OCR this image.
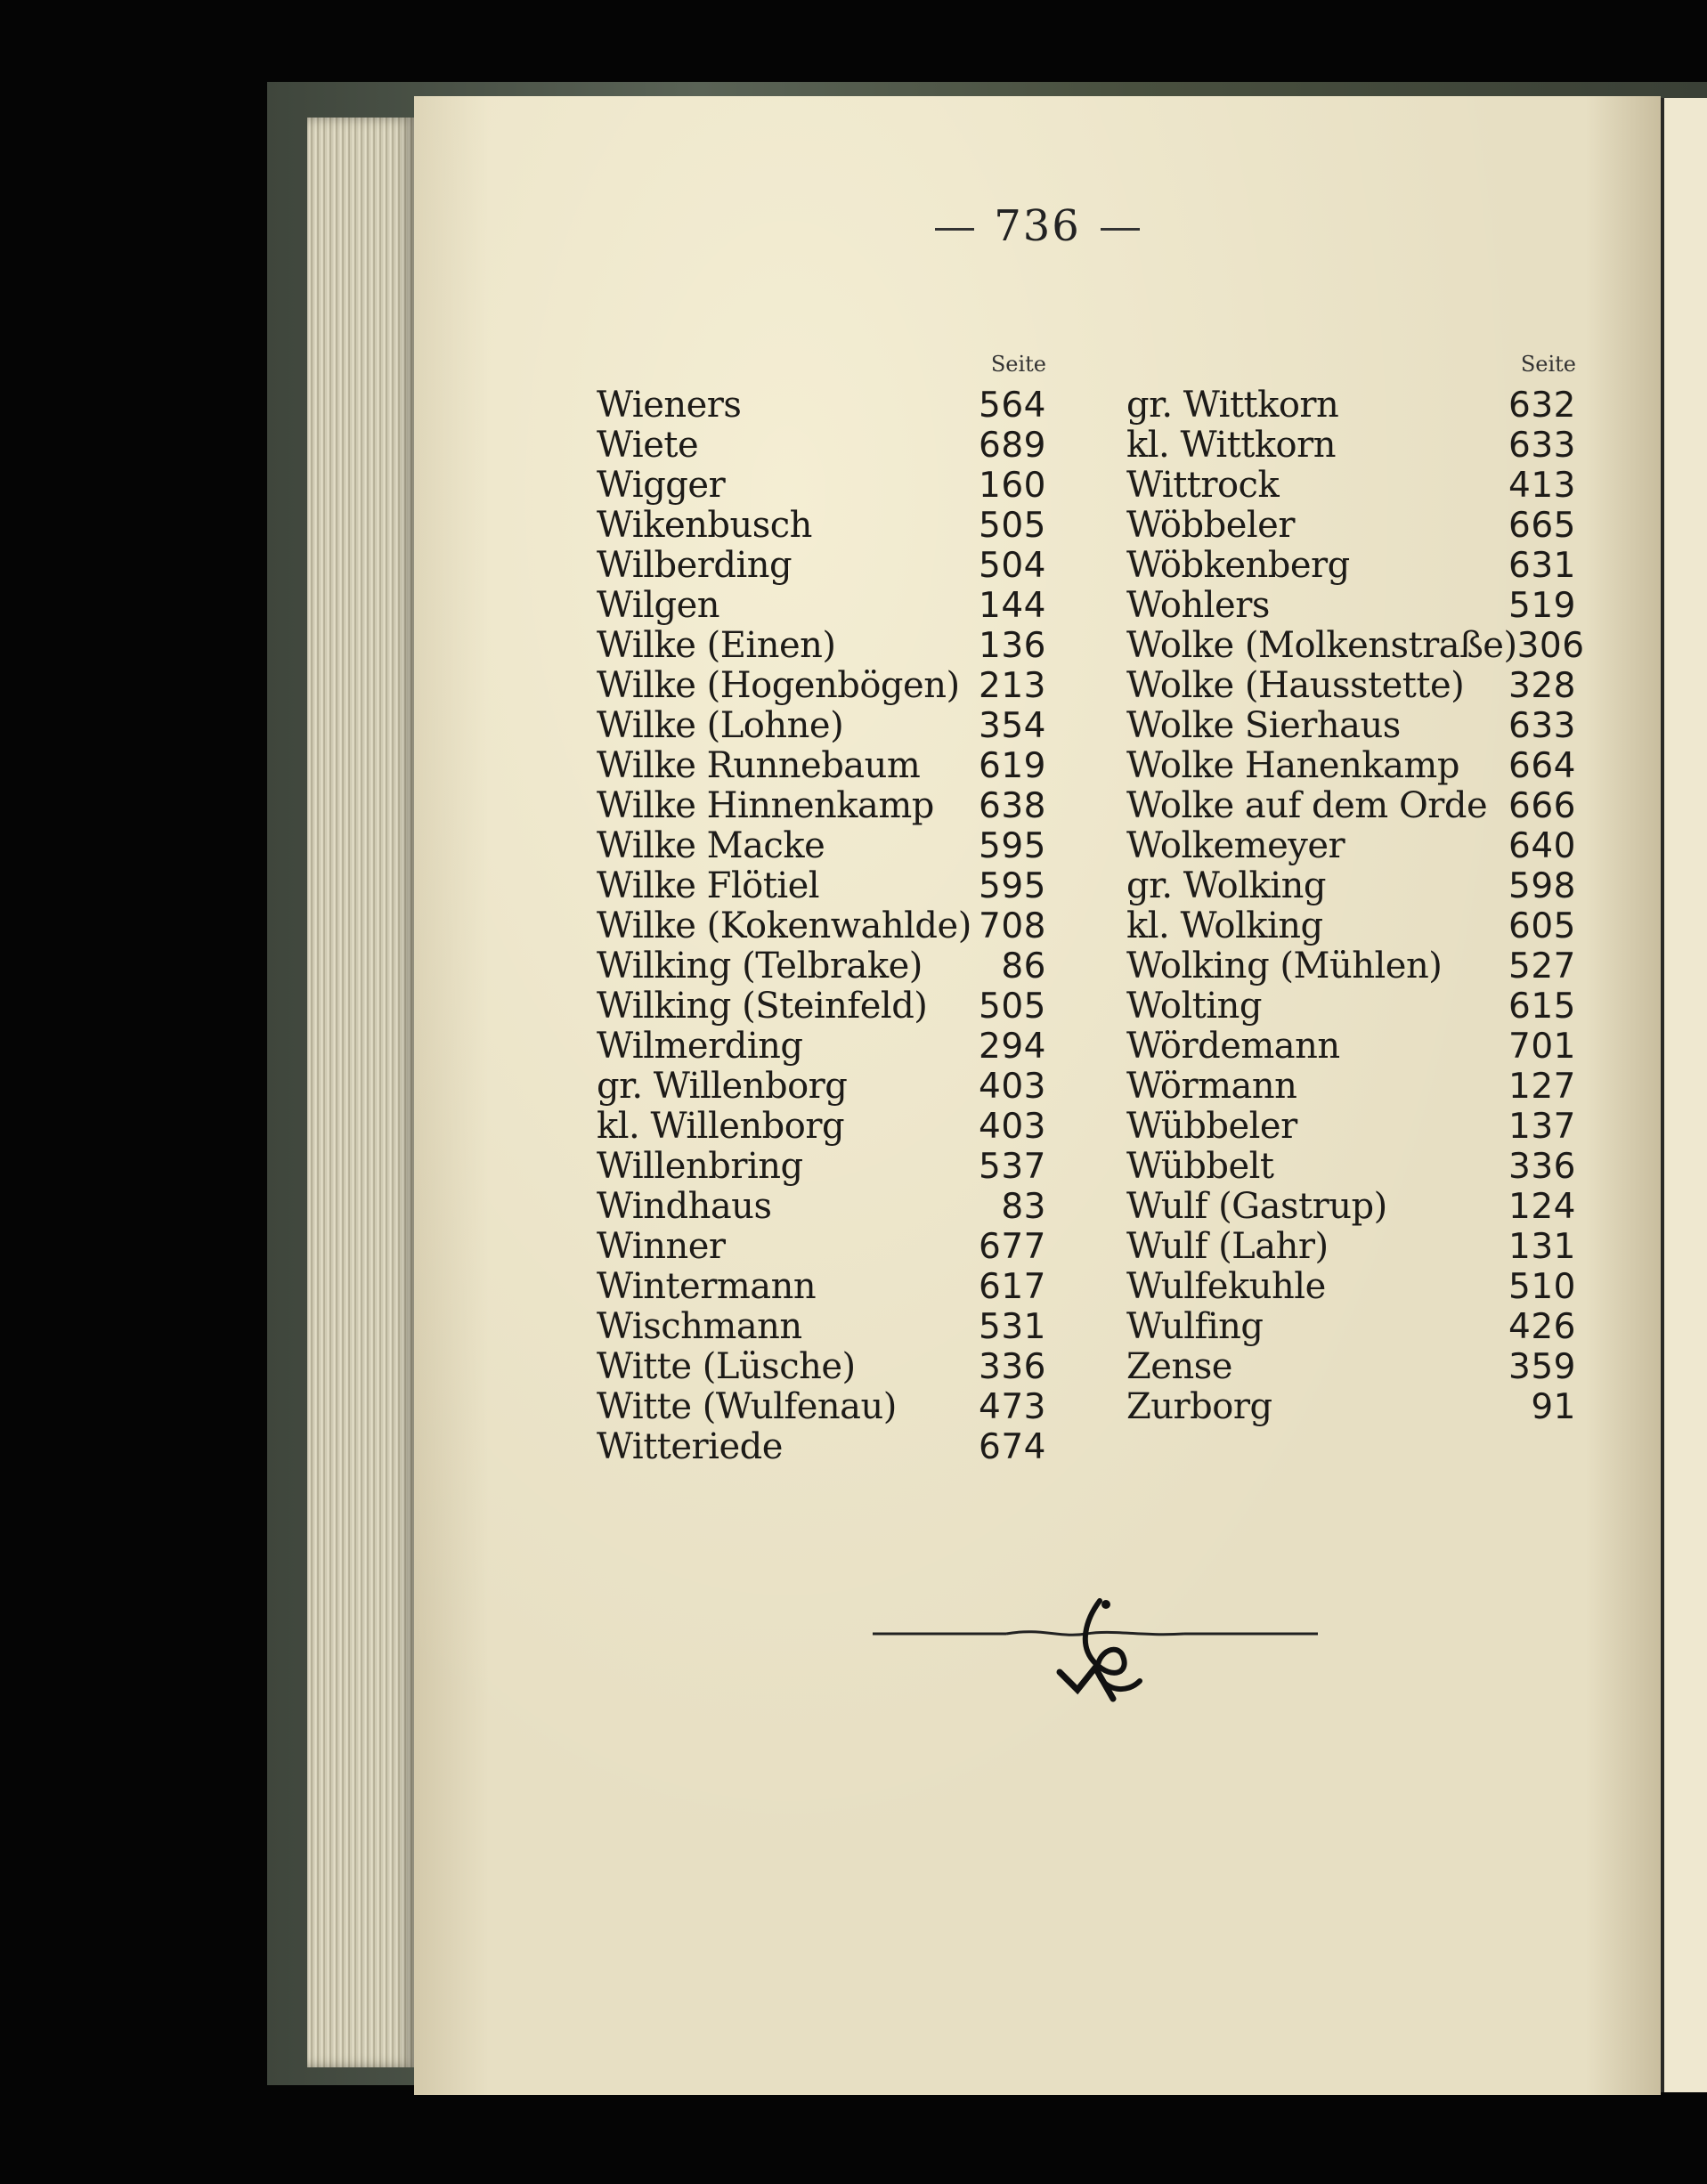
736
Seite
Wieners	564
Wiete	689
Wigger	160
Wikenbusch	505
Wilberding	504
Wilgen	144
Wilke (Einen)	136
Wilke (Hogenbögen) 213
Wilke (Lohne)	354
Wilke Runnebaum 619
Wilke Hinnenkamp 638
Wilke Macke	595
Wilke Flötiel	595
Wilke (Kokenwahlde) 708
Wilking (Telbrake) 86
Wilking (Steinfeld) 505
Wilmerding	294
gr. Willenborg	403
kl. Willenborg	403
Willenbring	537
Windhaus	83
Winner	677
Wintermann	617
Wischmann	531
Witte (Lüsche)	336
Witte (Wulfenau) 473
Witteriede	674
Seite
gr. Wittkorn	632
kl. Wittkorn	633
Wittrock	413
Wöbbeler	665
Wöbkenberg	631
Wohlers	519
Wolke (Molkenstraße) 306
Wolke (Hausstette) 328
Wolke Sierhaus	633
Wolke Hanenkamp 664
Wolke auf dem Orde 666
Wolkemeyer	640
gr. Wolking	598
kl. Wolking	605
Wolking (Mühlen) 527
Wolting	615
Wördemann	701
Wörmann	127
Wübbeler	137
Wübbelt	336
Wulf (Gastrup)	124
Wulf (Lahr)	131
Wulfekuhle	510
Wulfing	426
Zense	359
Zurborg	91
